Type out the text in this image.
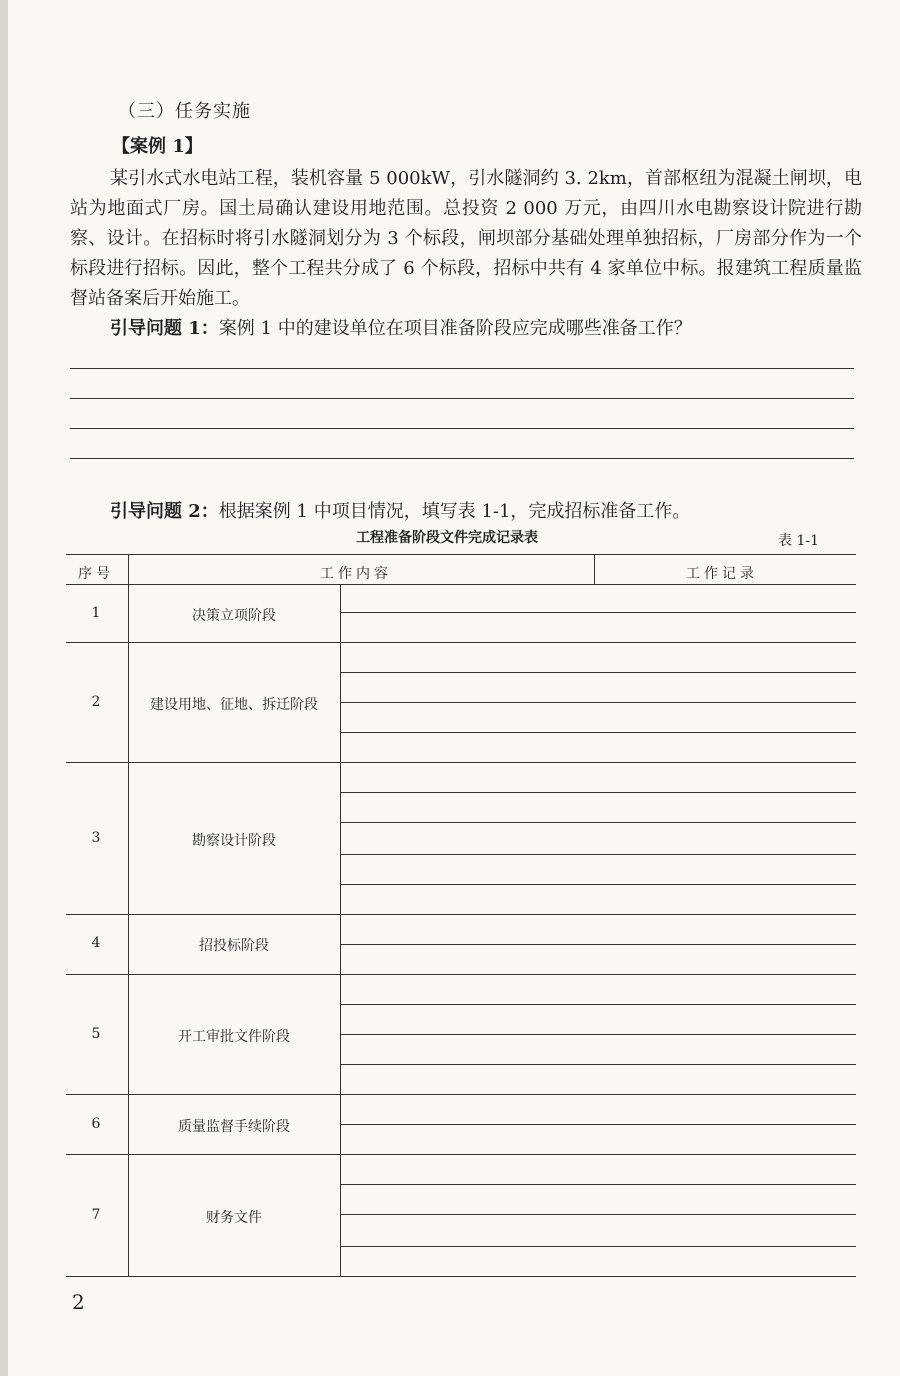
（三）任务实施
【案例 1】
某引水式水电站工程，装机容量 5 000kW，引水隧洞约 3. 2km，首部枢纽为混凝土闸坝，电站为地面式厂房。国土局确认建设用地范围。总投资 2 000 万元，由四川水电勘察设计院进行勘察、设计。在招标时将引水隧洞划分为 3 个标段，闸坝部分基础处理单独招标，厂房部分作为一个标段进行招标。因此，整个工程共分成了 6 个标段，招标中共有 4 家单位中标。报建筑工程质量监督站备案后开始施工。
引导问题 1：案例 1 中的建设单位在项目准备阶段应完成哪些准备工作？
引导问题 2：根据案例 1 中项目情况，填写表 1-1，完成招标准备工作。
工程准备阶段文件完成记录表	表 1-1
序号	工作内容	工作记录
1	决策立项阶段
2	建设用地、征地、拆迁阶段
3	勘察设计阶段
4	招投标阶段
5	开工审批文件阶段
6	质量监督手续阶段
7	财务文件
2
